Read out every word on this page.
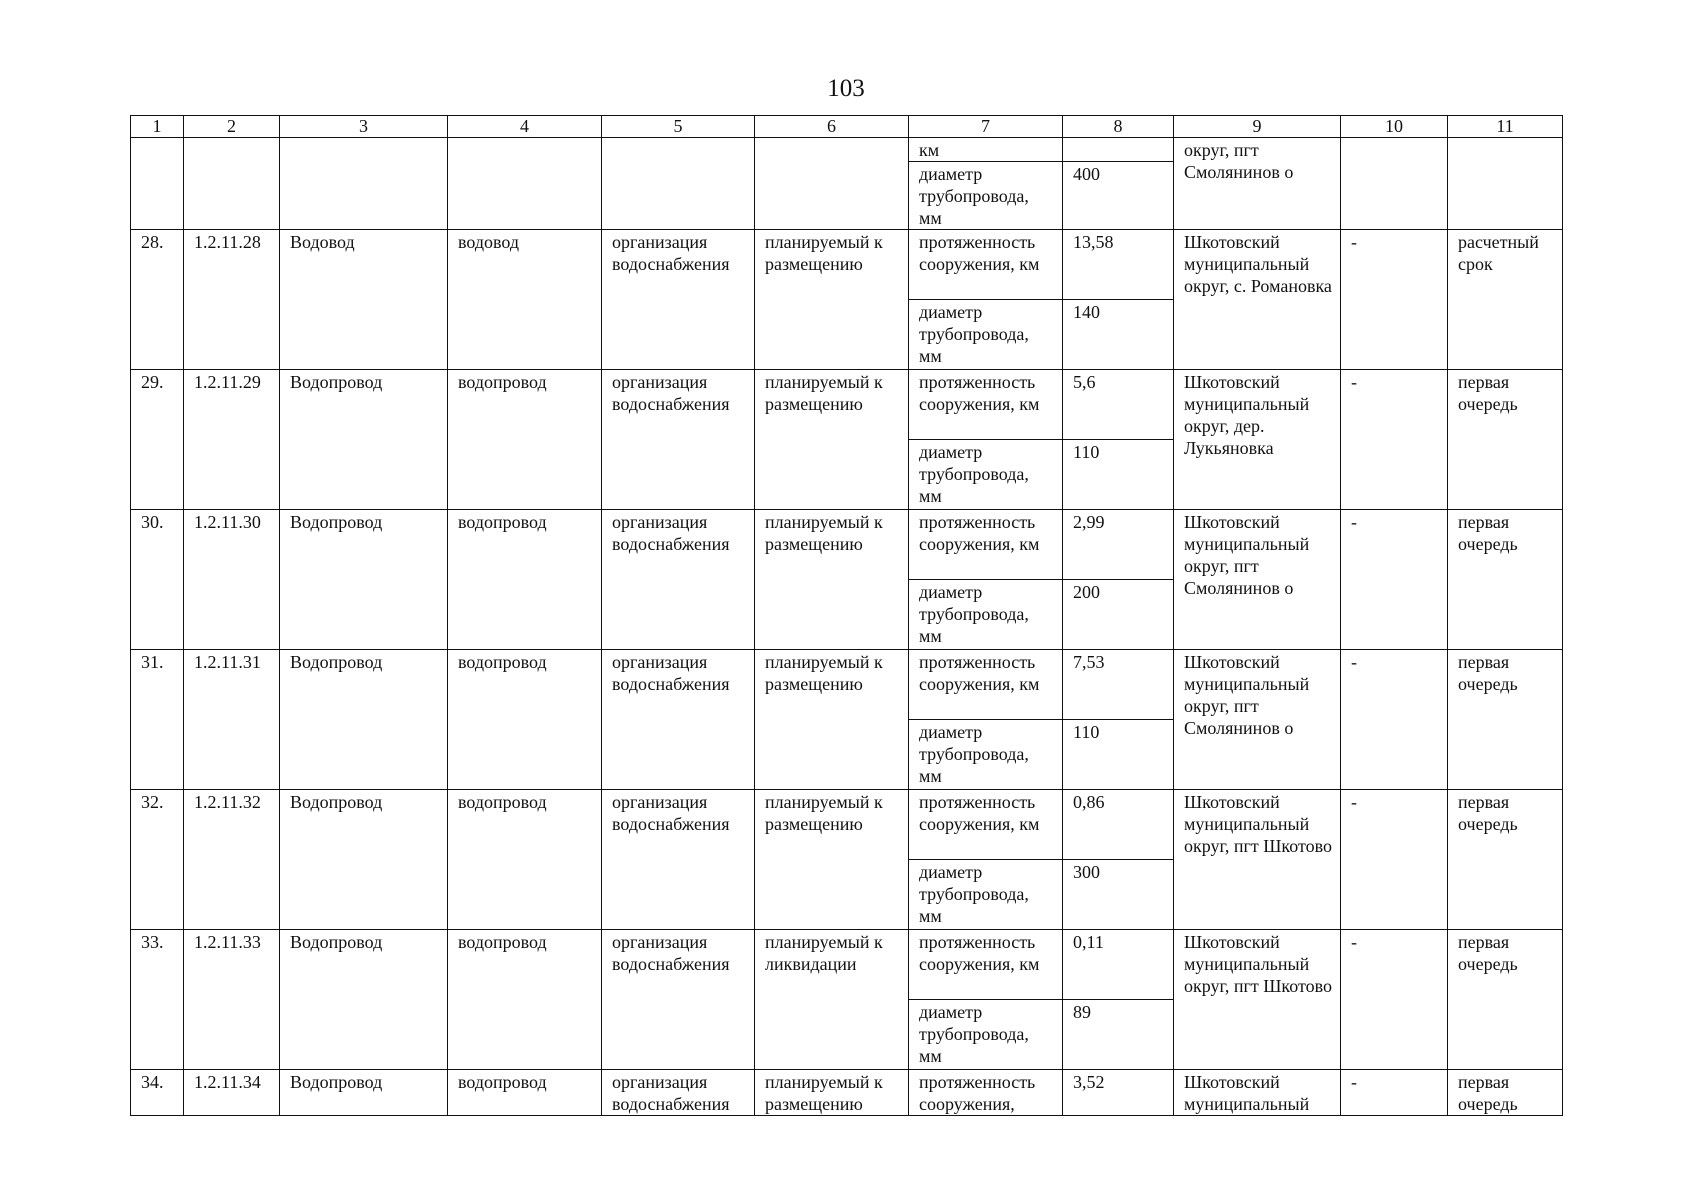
103
1	2	3	4	5	6	7	8	9	10	11
						км		округ, пгт Смолянинов о		
						диаметр трубопровода, мм	400			
28.	1.2.11.28	Водовод	водовод	организация водоснабжения	планируемый к размещению	протяженность сооружения, км	13,58	Шкотовский муниципальный округ, с. Романовка	-	расчетный срок
						диаметр трубопровода, мм	140			
29.	1.2.11.29	Водопровод	водопровод	организация водоснабжения	планируемый к размещению	протяженность сооружения, км	5,6	Шкотовский муниципальный округ, дер. Лукьяновка	-	первая очередь
						диаметр трубопровода, мм	110			
30.	1.2.11.30	Водопровод	водопровод	организация водоснабжения	планируемый к размещению	протяженность сооружения, км	2,99	Шкотовский муниципальный округ, пгт Смолянинов о	-	первая очередь
						диаметр трубопровода, мм	200			
31.	1.2.11.31	Водопровод	водопровод	организация водоснабжения	планируемый к размещению	протяженность сооружения, км	7,53	Шкотовский муниципальный округ, пгт Смолянинов о	-	первая очередь
						диаметр трубопровода, мм	110			
32.	1.2.11.32	Водопровод	водопровод	организация водоснабжения	планируемый к размещению	протяженность сооружения, км	0,86	Шкотовский муниципальный округ, пгт Шкотово	-	первая очередь
						диаметр трубопровода, мм	300			
33.	1.2.11.33	Водопровод	водопровод	организация водоснабжения	планируемый к ликвидации	протяженность сооружения, км	0,11	Шкотовский муниципальный округ, пгт Шкотово	-	первая очередь
						диаметр трубопровода, мм	89			
34.	1.2.11.34	Водопровод	водопровод	организация водоснабжения	планируемый к размещению	протяженность сооружения,	3,52	Шкотовский муниципальный	-	первая очередь
